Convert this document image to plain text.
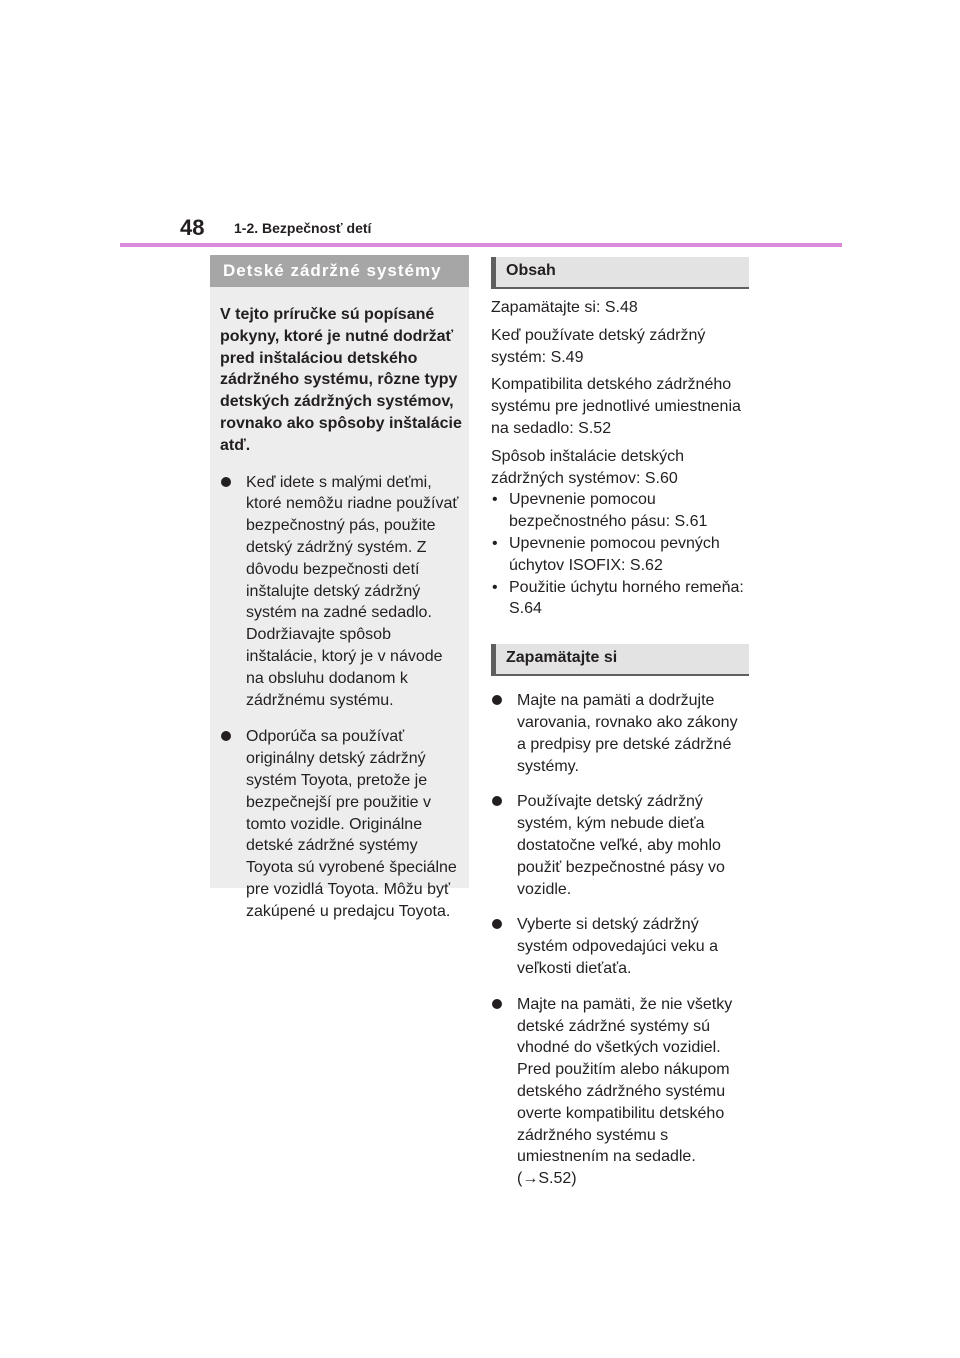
48 1-2. Bezpečnosť detí
Detské zádržné systémy

V tejto príručke sú popísané pokyny, ktoré je nutné dodržať pred inštaláciou detského zádržného systému, rôzne typy detských zádržných systémov, rovnako ako spôsoby inštalácie atď.

Keď idete s malými deťmi, ktoré nemôžu riadne používať bezpečnostný pás, použite detský zádržný systém. Z dôvodu bezpečnosti detí inštalujte detský zádržný systém na zadné sedadlo. Dodržiavajte spôsob inštalácie, ktorý je v návode na obsluhu dodanom k zádržnému systému.
Odporúča sa používať originálny detský zádržný systém Toyota, pretože je bezpečnejší pre použitie v tomto vozidle. Originálne detské zádržné systémy Toyota sú vyrobené špeciálne pre vozidlá Toyota. Môžu byť zakúpené u predajcu Toyota.
Obsah

Zapamätajte si: S.48

Keď používate detský zádržný systém: S.49

Kompatibilita detského zádržného systému pre jednotlivé umiestnenia na sedadlo: S.52

Spôsob inštalácie detských zádržných systémov: S.60

• Upevnenie pomocou bezpečnostného pásu: S.61
• Upevnenie pomocou pevných úchytov ISOFIX: S.62
• Použitie úchytu horného remeňa: S.64
Zapamätajte si
Majte na pamäti a dodržujte varovania, rovnako ako zákony a predpisy pre detské zádržné systémy.
Používajte detský zádržný systém, kým nebude dieťa dostatočne veľké, aby mohlo použiť bezpečnostné pásy vo vozidle.
Vyberte si detský zádržný systém odpovedajúci veku a veľkosti dieťaťa.
Majte na pamäti, že nie všetky detské zádržné systémy sú vhodné do všetkých vozidiel.
Pred použitím alebo nákupom detského zádržného systému overte kompatibilitu detského zádržného systému s umiestnením na sedadle. (→S.52)
